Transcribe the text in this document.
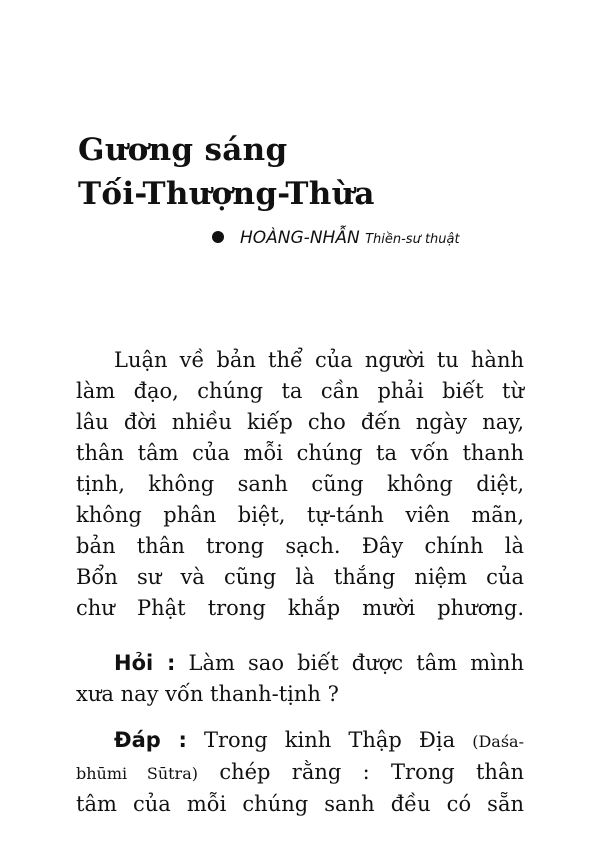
Gương sáng
Tối-Thượng-Thừa
HOÀNG-NHẪN Thiền-sư thuật
Luận về bản thể của người tu hành
làm đạo, chúng ta cần phải biết từ
lâu đời nhiều kiếp cho đến ngày nay,
thân tâm của mỗi chúng ta vốn thanh
tịnh, không sanh cũng không diệt,
không phân biệt, tự-tánh viên mãn,
bản thân trong sạch. Đây chính là
Bổn sư và cũng là thắng niệm của
chư Phật trong khắp mười phương.
Hỏi : Làm sao biết được tâm mình
xưa nay vốn thanh-tịnh ?
Đáp : Trong kinh Thập Địa (Daśa-
bhūmi Sūtra) chép rằng : Trong thân
tâm của mỗi chúng sanh đều có sẵn
